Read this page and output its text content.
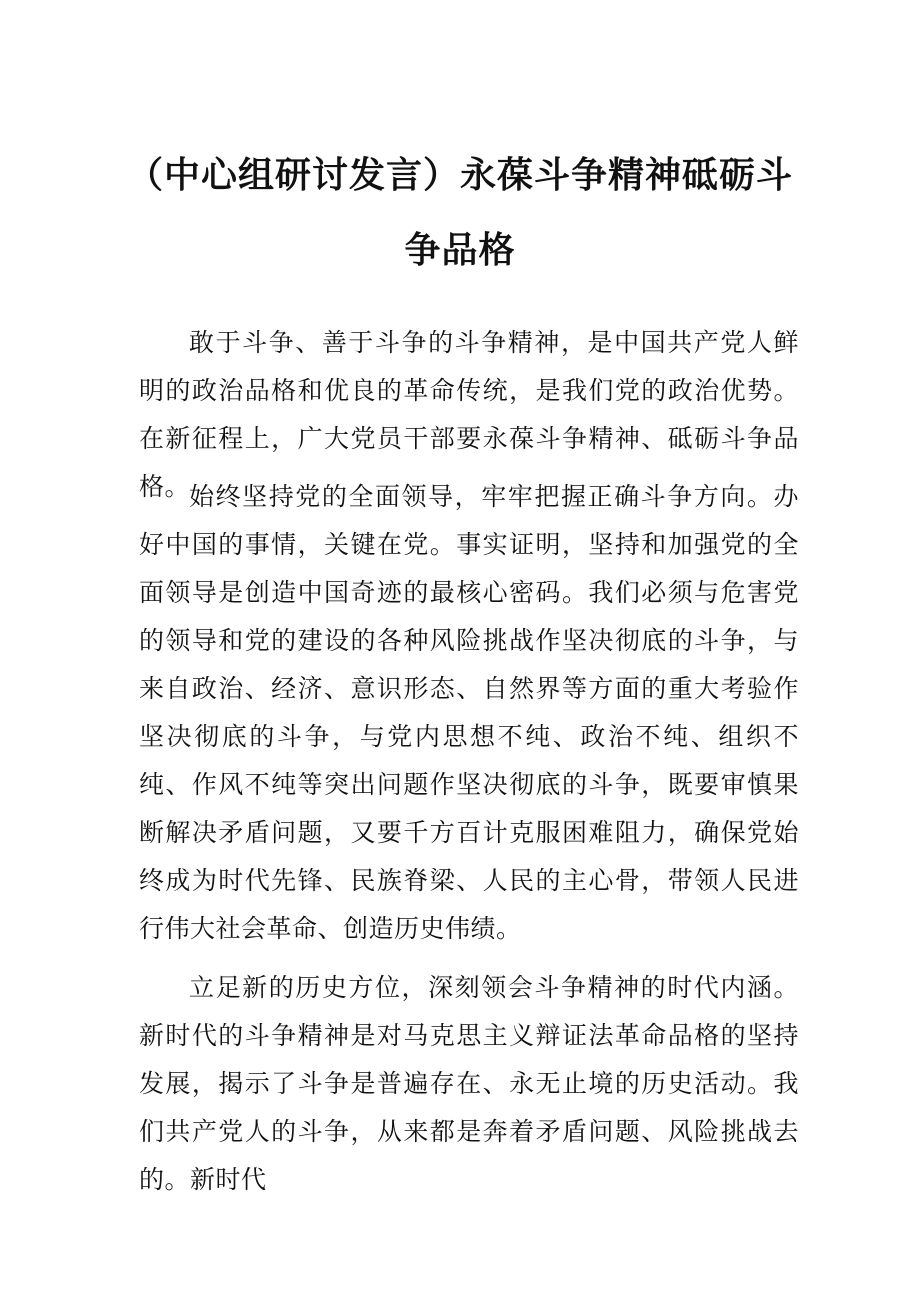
（中心组研讨发言）永葆斗争精神砥砺斗
争品格

敢于斗争、善于斗争的斗争精神，是中国共产党人鲜明的政治品格和优良的革命传统，是我们党的政治优势。在新征程上，广大党员干部要永葆斗争精神、砥砺斗争品格。

始终坚持党的全面领导，牢牢把握正确斗争方向。办好中国的事情，关键在党。事实证明，坚持和加强党的全面领导是创造中国奇迹的最核心密码。我们必须与危害党的领导和党的建设的各种风险挑战作坚决彻底的斗争，与来自政治、经济、意识形态、自然界等方面的重大考验作坚决彻底的斗争，与党内思想不纯、政治不纯、组织不纯、作风不纯等突出问题作坚决彻底的斗争，既要审慎果断解决矛盾问题，又要千方百计克服困难阻力，确保党始终成为时代先锋、民族脊梁、人民的主心骨，带领人民进行伟大社会革命、创造历史伟绩。

立足新的历史方位，深刻领会斗争精神的时代内涵。新时代的斗争精神是对马克思主义辩证法革命品格的坚持发展，揭示了斗争是普遍存在、永无止境的历史活动。我们共产党人的斗争，从来都是奔着矛盾问题、风险挑战去的。新时代
